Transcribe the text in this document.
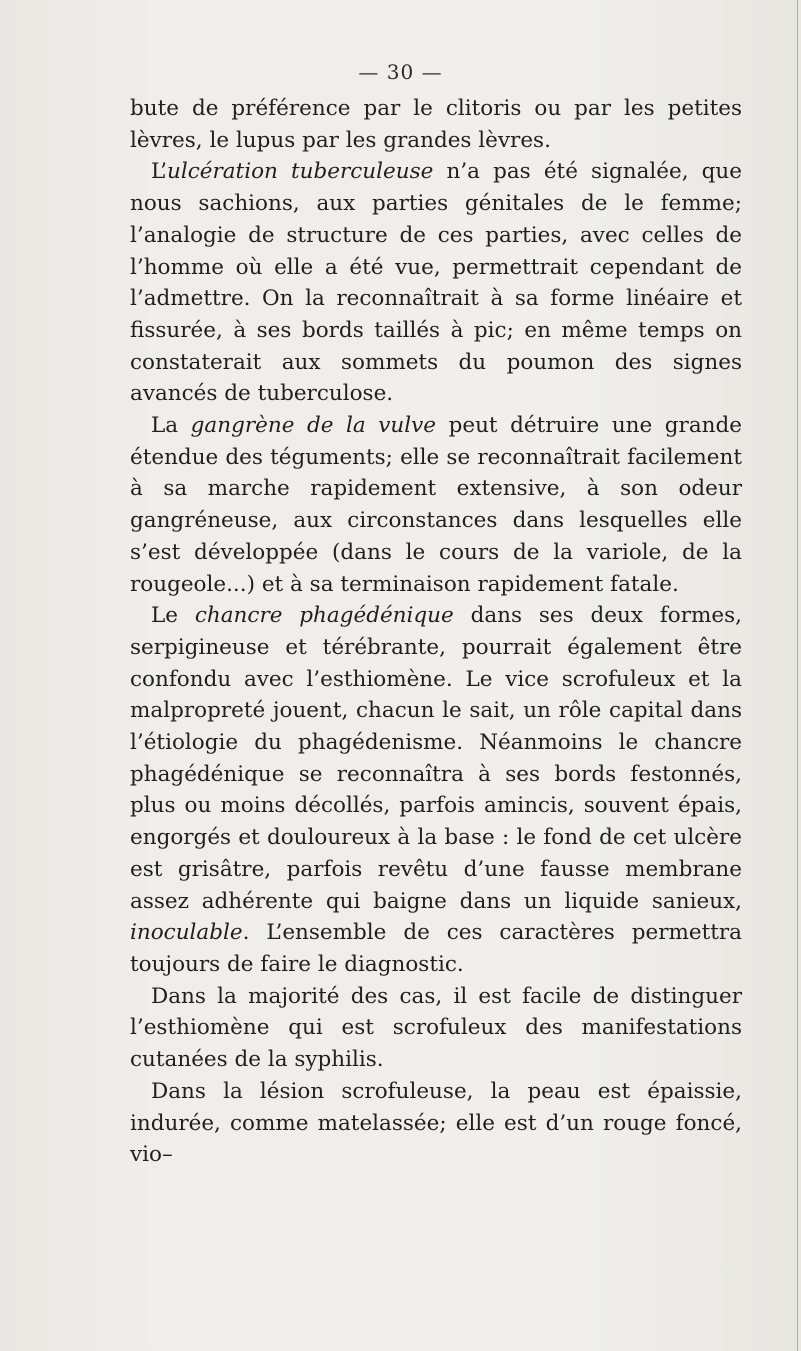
— 30 —

bute de préférence par le clitoris ou par les petites lèvres, le lupus par les grandes lèvres.

L’ulcération tuberculeuse n’a pas été signalée, que nous sachions, aux parties génitales de le femme; l’analogie de structure de ces parties, avec celles de l’homme où elle a été vue, permettrait cependant de l’admettre. On la reconnaîtrait à sa forme linéaire et fissurée, à ses bords taillés à pic; en même temps on constaterait aux sommets du poumon des signes avancés de tuberculose.

La gangrène de la vulve peut détruire une grande étendue des téguments; elle se reconnaîtrait facilement à sa marche rapidement extensive, à son odeur gangréneuse, aux circonstances dans lesquelles elle s’est développée (dans le cours de la variole, de la rougeole...) et à sa terminaison rapidement fatale.

Le chancre phagédénique dans ses deux formes, serpigineuse et térébrante, pourrait également être confondu avec l’esthiomène. Le vice scrofuleux et la malpropreté jouent, chacun le sait, un rôle capital dans l’étiologie du phagédenisme. Néanmoins le chancre phagédénique se reconnaîtra à ses bords festonnés, plus ou moins décollés, parfois amincis, souvent épais, engorgés et douloureux à la base : le fond de cet ulcère est grisâtre, parfois revêtu d’une fausse membrane assez adhérente qui baigne dans un liquide sanieux, inoculable. L’ensemble de ces caractères permettra toujours de faire le diagnostic.

Dans la majorité des cas, il est facile de distinguer l’esthiomène qui est scrofuleux des manifestations cutanées de la syphilis.

Dans la lésion scrofuleuse, la peau est épaissie, indurée, comme matelassée; elle est d’un rouge foncé, vio–
